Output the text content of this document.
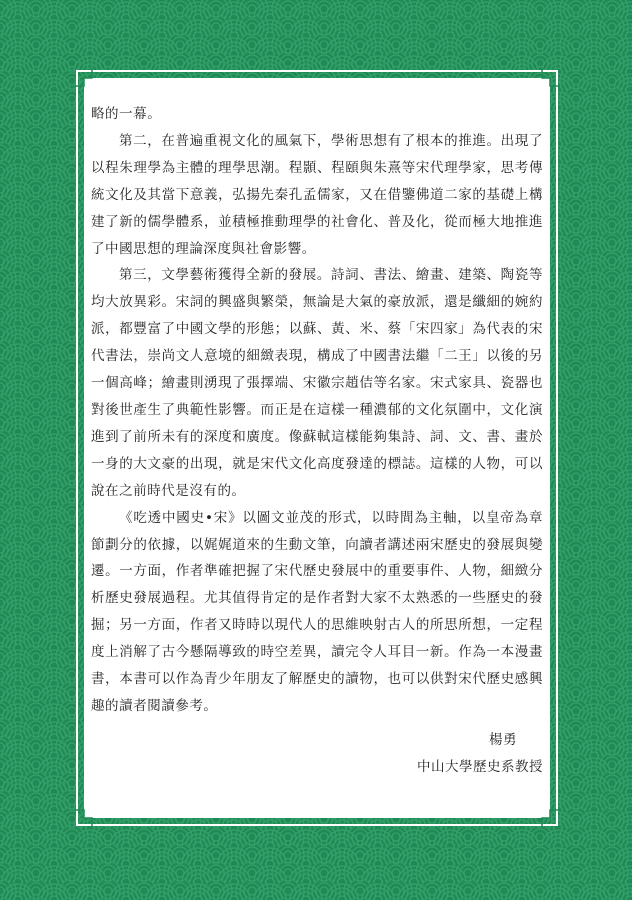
略的一幕。

第二，在普遍重視文化的風氣下，學術思想有了根本的推進。出現了以程朱理學為主體的理學思潮。程顥、程頤與朱熹等宋代理學家，思考傳統文化及其當下意義，弘揚先秦孔孟儒家，又在借鑒佛道二家的基礎上構建了新的儒學體系，並積極推動理學的社會化、普及化，從而極大地推進了中國思想的理論深度與社會影響。

第三，文學藝術獲得全新的發展。詩詞、書法、繪畫、建築、陶瓷等均大放異彩。宋詞的興盛與繁榮，無論是大氣的豪放派，還是纖細的婉約派，都豐富了中國文學的形態；以蘇、黃、米、蔡「宋四家」為代表的宋代書法，崇尚文人意境的細緻表現，構成了中國書法繼「二王」以後的另一個高峰；繪畫則湧現了張擇端、宋徽宗趙佶等名家。宋式家具、瓷器也對後世產生了典範性影響。而正是在這樣一種濃郁的文化氛圍中，文化演進到了前所未有的深度和廣度。像蘇軾這樣能夠集詩、詞、文、書、畫於一身的大文豪的出現，就是宋代文化高度發達的標誌。這樣的人物，可以說在之前時代是沒有的。

《吃透中國史•宋》以圖文並茂的形式，以時間為主軸，以皇帝為章節劃分的依據，以娓娓道來的生動文筆，向讀者講述兩宋歷史的發展與變遷。一方面，作者準確把握了宋代歷史發展中的重要事件、人物，細緻分析歷史發展過程。尤其值得肯定的是作者對大家不太熟悉的一些歷史的發掘；另一方面，作者又時時以現代人的思維映射古人的所思所想，一定程度上消解了古今懸隔導致的時空差異，讀完令人耳目一新。作為一本漫畫書，本書可以作為青少年朋友了解歷史的讀物，也可以供對宋代歷史感興趣的讀者閱讀參考。

楊勇

中山大學歷史系教授
